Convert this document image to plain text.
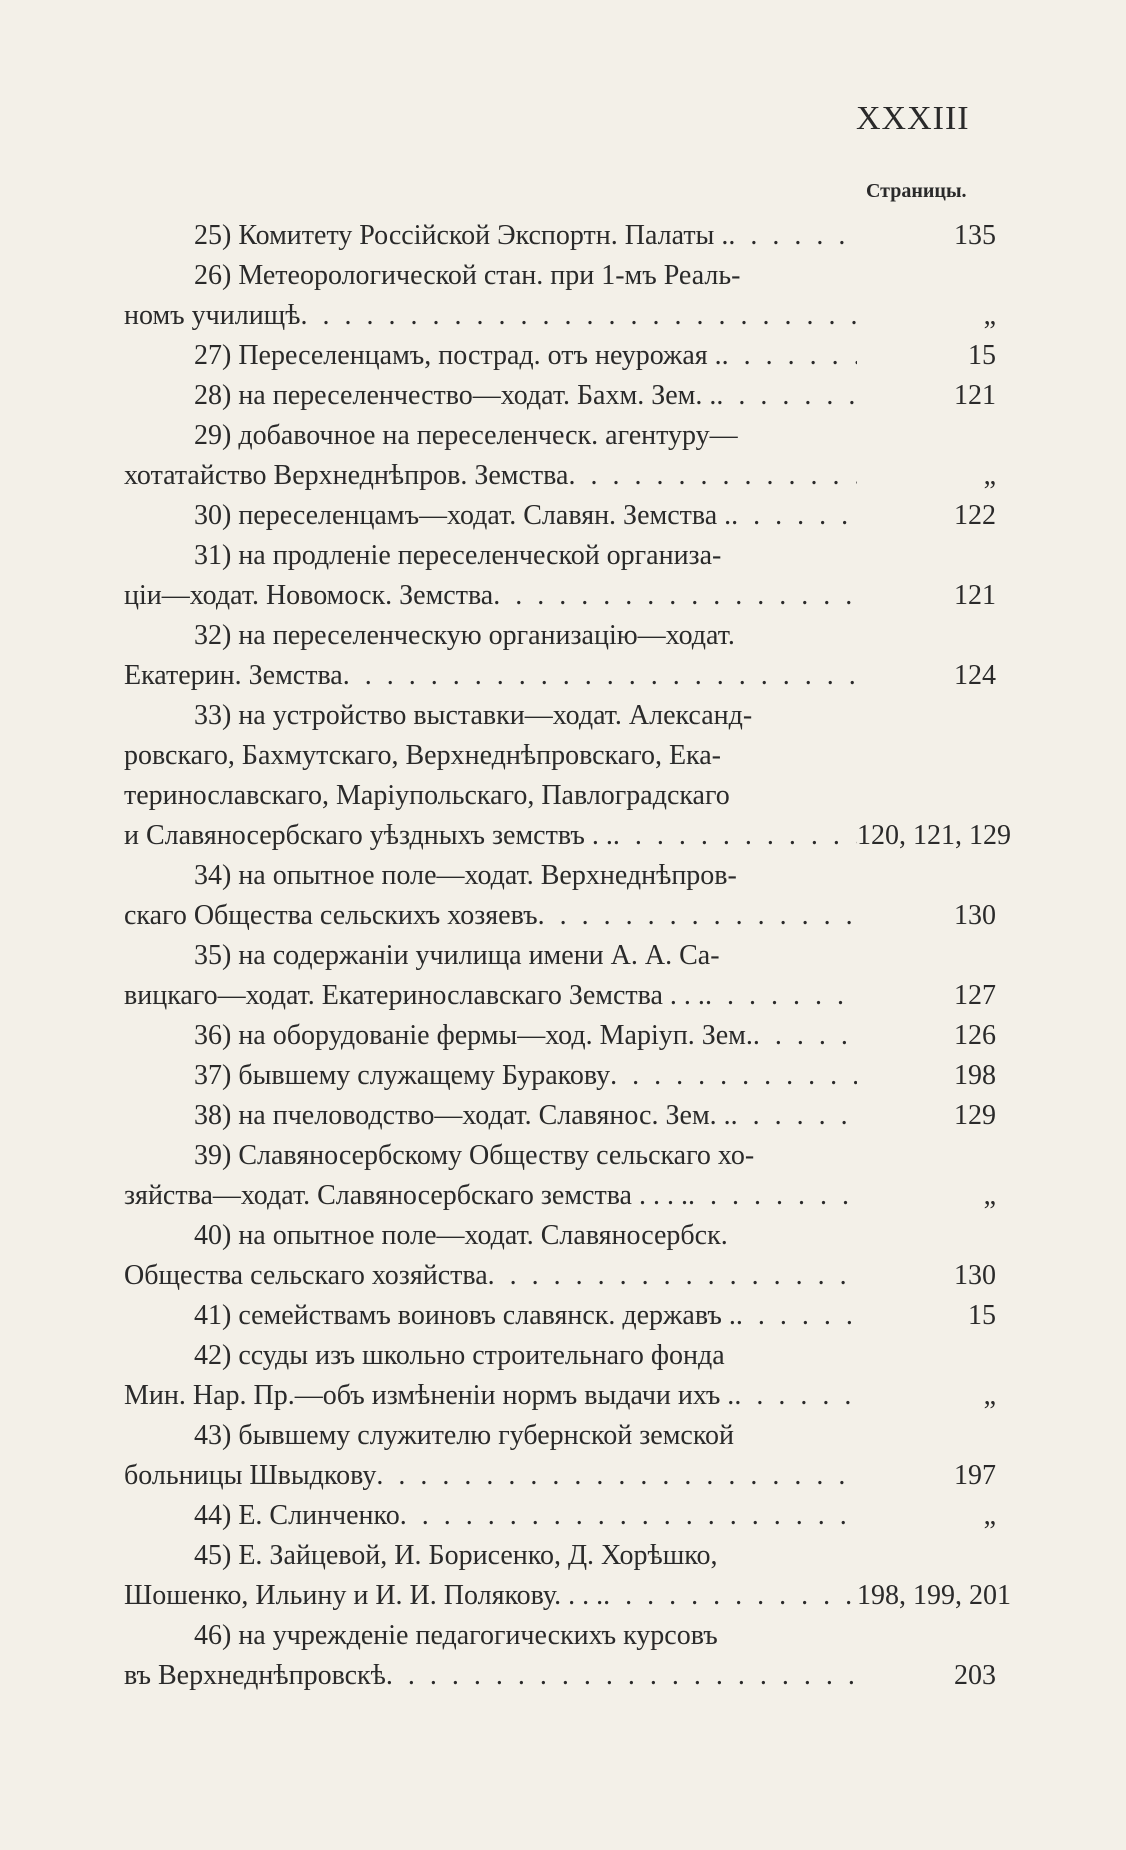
XXXIII
Страницы.
25) Комитету Россійской Экспортн. Палаты . . . .	135
26) Метеорологической стан. при 1-мъ Реаль-
номъ училищѣ . . .	„
27) Переселенцамъ, пострад. отъ неурожая . . . .	15
28) на переселенчество—ходат. Бахм. Зем. . . . .	121
29) добавочное на переселенческ. агентуру—
хотатайство Верхнеднѣпров. Земства . . .	„
30) переселенцамъ—ходат. Славян. Земства . . . .	122
31) на продленіе переселенческой организа-
ціи—ходат. Новомоск. Земства . . .	121
32) на переселенческую организацію—ходат.
Екатерин. Земства . . .	124
33) на устройство выставки—ходат. Александ-
ровскаго, Бахмутскаго, Верхнеднѣпровскаго, Ека-
теринославскаго, Маріупольскаго, Павлоградскаго
и Славяносербскаго уѣздныхъ земствъ . . . . .	120, 121, 129
34) на опытное поле—ходат. Верхнеднѣпров-
скаго Общества сельскихъ хозяевъ . . .	130
35) на содержаніи училища имени А. А. Са-
вицкаго—ходат. Екатеринославскаго Земства . . . . . .	127
36) на оборудованіе фермы—ход. Маріуп. Зем. . . .	126
37) бывшему служащему Буракову . . .	198
38) на пчеловодство—ходат. Славянос. Зем. . . . .	129
39) Славяносербскому Обществу сельскаго хо-
зяйства—ходат. Славяносербскаго земства . . . . . . .	„
40) на опытное поле—ходат. Славяносербск.
Общества сельскаго хозяйства . . .	130
41) семействамъ воиновъ славянск. державъ . . . .	15
42) ссуды изъ школьно строительнаго фонда
Мин. Нар. Пр.—объ измѣненіи нормъ выдачи ихъ . . . .	„
43) бывшему служителю губернской земской
больницы Швыдкову . . .	197
44) Е. Слинченко . . .	„
45) Е. Зайцевой, И. Борисенко, Д. Хорѣшко,
Шошенко, Ильину и И. И. Полякову. . . . . . .	198, 199, 201
46) на учрежденіе педагогическихъ курсовъ
въ Верхнеднѣпровскѣ . . .	203
